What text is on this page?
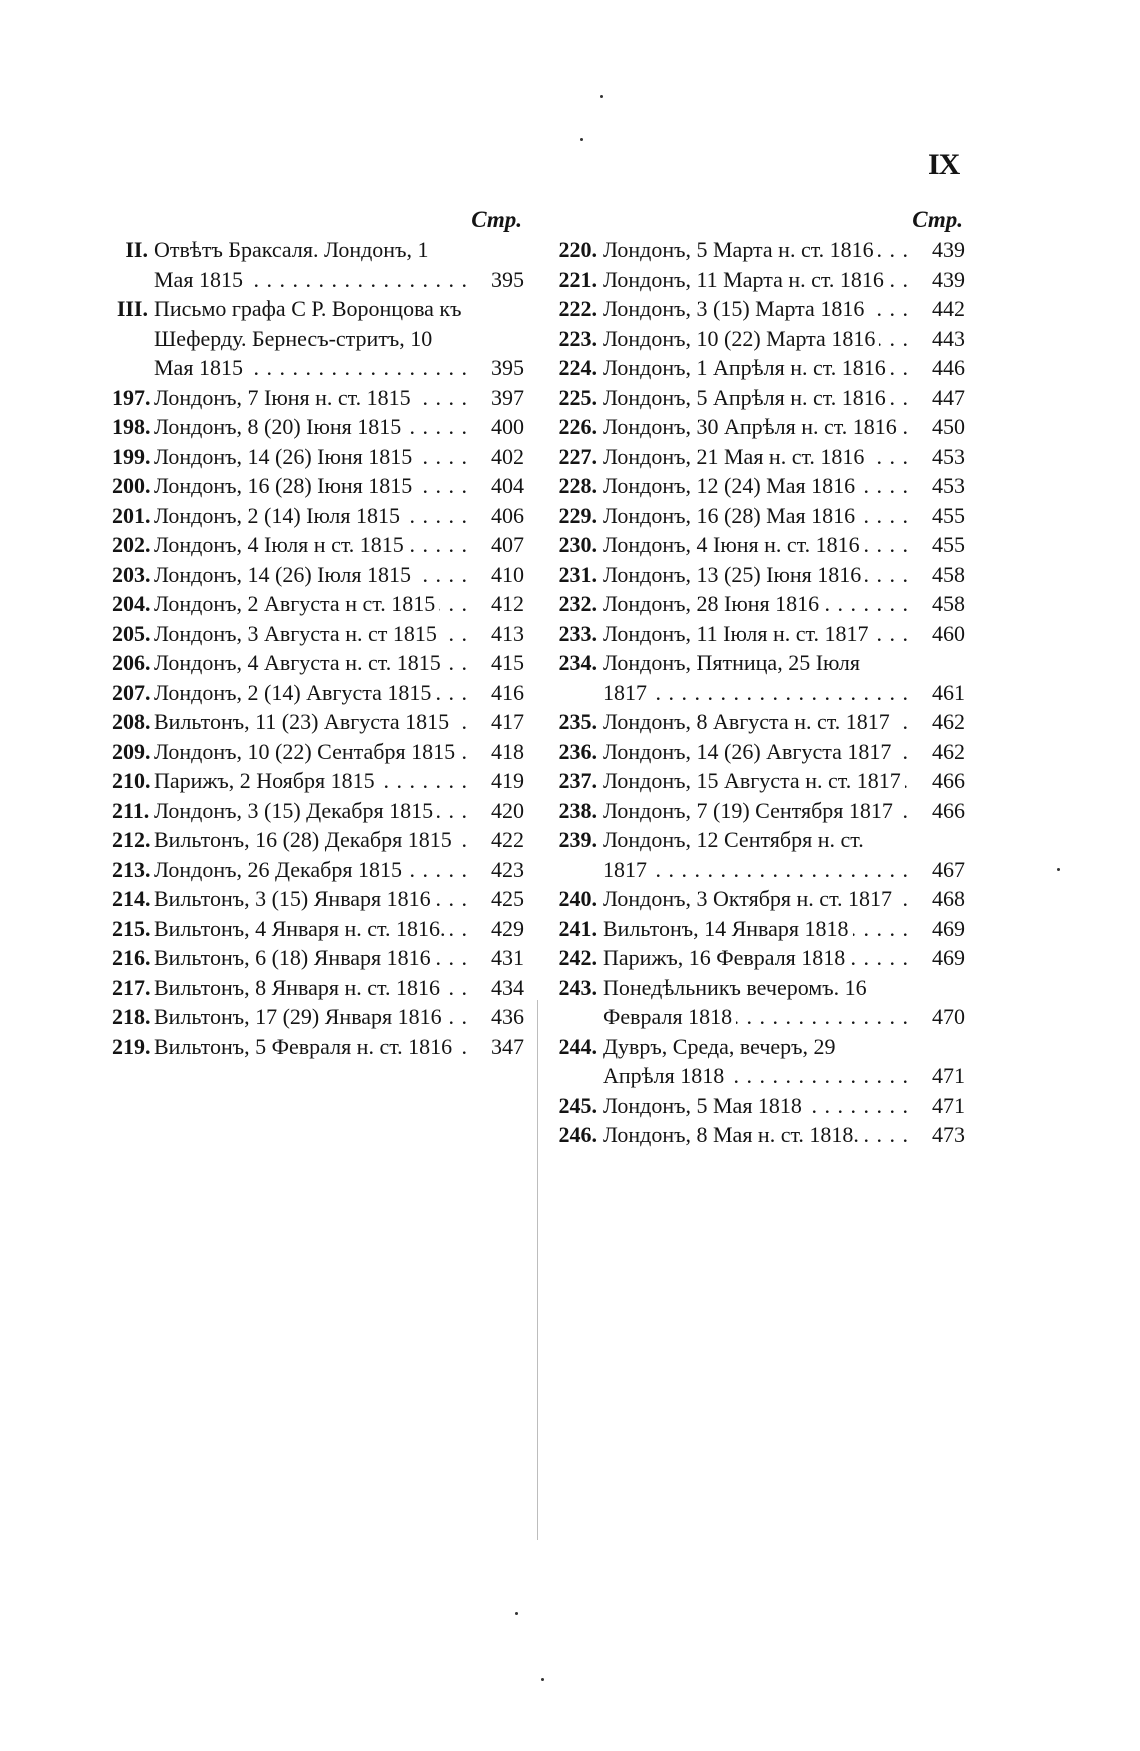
IX
Стр.
II. Отвѣтъ Браксаля. Лондонъ, 1 Мая 1815 . . .	395
III. Письмо графа С Р. Воронцова къ Шеферду. Бернесъ-стритъ, 10 Мая 1815 . . .	395
197. Лондонъ, 7 Іюня н. ст. 1815 . . .	397
198. Лондонъ, 8 (20) Іюня 1815 . . .	400
199. Лондонъ, 14 (26) Іюня 1815 . . .	402
200. Лондонъ, 16 (28) Іюня 1815 . . .	404
201. Лондонъ, 2 (14) Іюля 1815 . . .	406
202. Лондонъ, 4 Іюля н ст. 1815 . . .	407
203. Лондонъ, 14 (26) Іюля 1815 . . .	410
204. Лондонъ, 2 Августа н ст. 1815 . . .	412
205. Лондонъ, 3 Августа н. ст 1815 . . .	413
206. Лондонъ, 4 Августа н. ст. 1815 . . .	415
207. Лондонъ, 2 (14) Августа 1815 . . .	416
208. Вильтонъ, 11 (23) Августа 1815 . . .	417
209. Лондонъ, 10 (22) Сентабря 1815 . . .	418
210. Парижъ, 2 Ноября 1815 . . .	419
211. Лондонъ, 3 (15) Декабря 1815 . . .	420
212. Вильтонъ, 16 (28) Декабря 1815 . . .	422
213. Лондонъ, 26 Декабря 1815 . . .	423
214. Вильтонъ, 3 (15) Января 1816 . . .	425
215. Вильтонъ, 4 Января н. ст. 1816. . . .	429
216. Вильтонъ, 6 (18) Января 1816 . . .	431
217. Вильтонъ, 8 Января н. ст. 1816 . . .	434
218. Вильтонъ, 17 (29) Января 1816 . . .	436
219. Вильтонъ, 5 Февраля н. ст. 1816 . . .	347
Стр.
220. Лондонъ, 5 Марта н. ст. 1816 . . .	439
221. Лондонъ, 11 Марта н. ст. 1816 . . .	439
222. Лондонъ, 3 (15) Марта 1816 . . .	442
223. Лондонъ, 10 (22) Марта 1816 . . .	443
224. Лондонъ, 1 Апрѣля н. ст. 1816 . . .	446
225. Лондонъ, 5 Апрѣля н. ст. 1816 . . .	447
226. Лондонъ, 30 Апрѣля н. ст. 1816 . . .	450
227. Лондонъ, 21 Мая н. ст. 1816 . . .	453
228. Лондонъ, 12 (24) Мая 1816 . . .	453
229. Лондонъ, 16 (28) Мая 1816 . . .	455
230. Лондонъ, 4 Іюня н. ст. 1816 . . .	455
231. Лондонъ, 13 (25) Іюня 1816 . . .	458
232. Лондонъ, 28 Іюня 1816 . . .	458
233. Лондонъ, 11 Іюля н. ст. 1817 . . .	460
234. Лондонъ, Пятница, 25 Іюля 1817 . . .	461
235. Лондонъ, 8 Августа н. ст. 1817 . . .	462
236. Лондонъ, 14 (26) Августа 1817 . . .	462
237. Лондонъ, 15 Августа н. ст. 1817 . . .	466
238. Лондонъ, 7 (19) Сентября 1817 . . .	466
239. Лондонъ, 12 Сентября н. ст. 1817 . . .	467
240. Лондонъ, 3 Октября н. ст. 1817 . . .	468
241. Вильтонъ, 14 Января 1818 . . .	469
242. Парижъ, 16 Февраля 1818 . . .	469
243. Понедѣльникъ вечеромъ. 16 Февраля 1818 . . .	470
244. Дувръ, Среда, вечеръ, 29 Апрѣля 1818 . . .	471
245. Лондонъ, 5 Мая 1818 . . .	471
246. Лондонъ, 8 Мая н. ст. 1818. . . .	473
